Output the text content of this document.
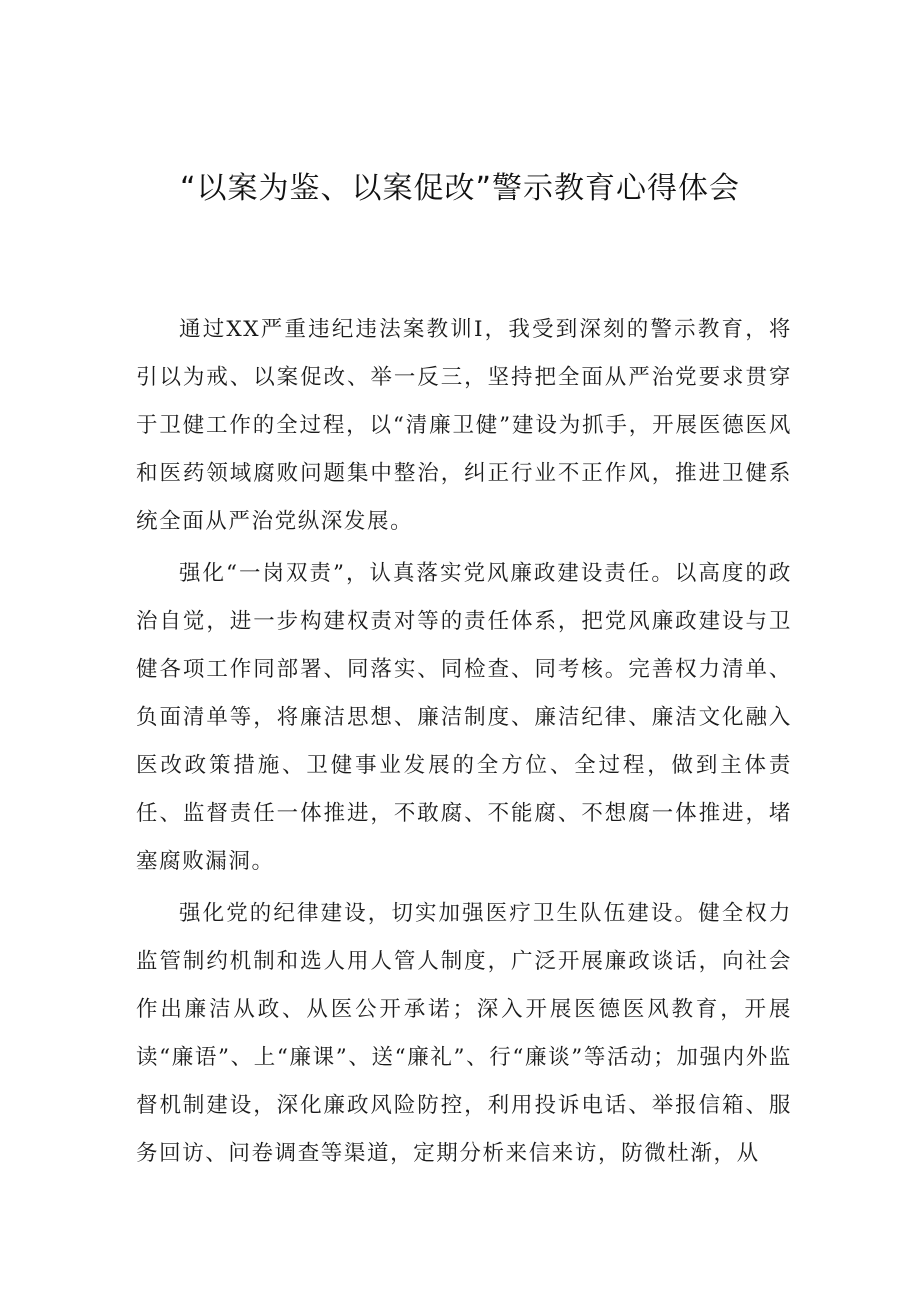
“以案为鉴、以案促改”警示教育心得体会

通过XX严重违纪违法案教训I，我受到深刻的警示教育，将引以为戒、以案促改、举一反三，坚持把全面从严治党要求贯穿于卫健工作的全过程，以“清廉卫健”建设为抓手，开展医德医风和医药领域腐败问题集中整治，纠正行业不正作风，推进卫健系统全面从严治党纵深发展。

强化“一岗双责”，认真落实党风廉政建设责任。以高度的政治自觉，进一步构建权责对等的责任体系，把党风廉政建设与卫健各项工作同部署、同落实、同检查、同考核。完善权力清单、负面清单等，将廉洁思想、廉洁制度、廉洁纪律、廉洁文化融入医改政策措施、卫健事业发展的全方位、全过程，做到主体责任、监督责任一体推进，不敢腐、不能腐、不想腐一体推进，堵塞腐败漏洞。

强化党的纪律建设，切实加强医疗卫生队伍建设。健全权力监管制约机制和选人用人管人制度，广泛开展廉政谈话，向社会作出廉洁从政、从医公开承诺；深入开展医德医风教育，开展读“廉语”、上“廉课”、送“廉礼”、行“廉谈”等活动；加强内外监督机制建设，深化廉政风险防控，利用投诉电话、举报信箱、服务回访、问卷调查等渠道，定期分析来信来访，防微杜渐，从
